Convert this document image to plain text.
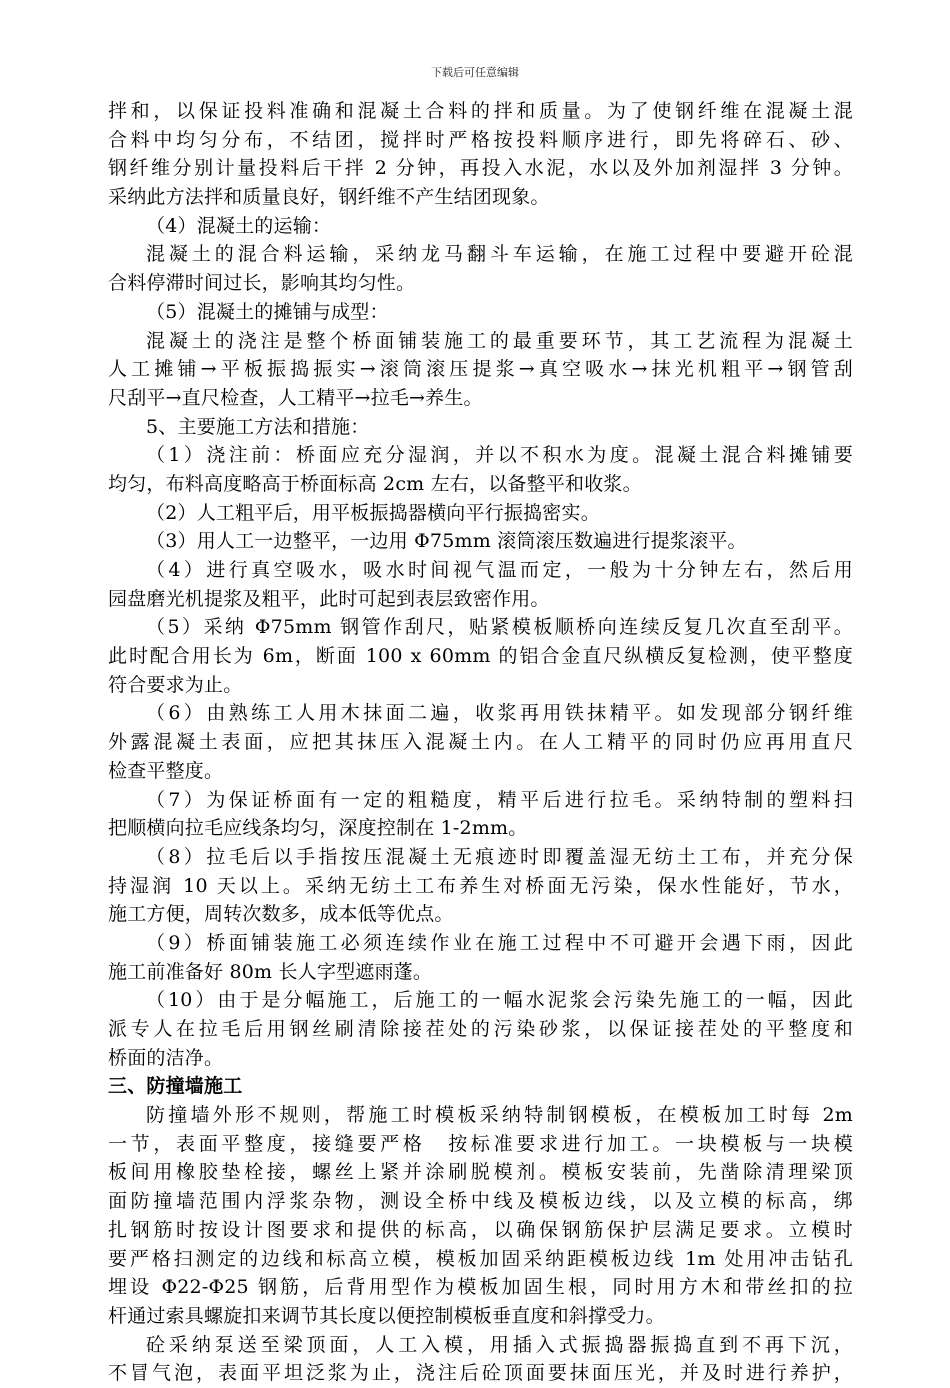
下载后可任意编辑
拌和，以保证投料准确和混凝土合料的拌和质量。为了使钢纤维在混凝土混
合料中均匀分布，不结团，搅拌时严格按投料顺序进行，即先将碎石、砂、
钢纤维分别计量投料后干拌 2 分钟，再投入水泥，水以及外加剂湿拌 3 分钟。
采纳此方法拌和质量良好，钢纤维不产生结团现象。
（4）混凝土的运输：
混凝土的混合料运输，采纳龙马翻斗车运输，在施工过程中要避开砼混
合料停滞时间过长，影响其均匀性。
（5）混凝土的摊铺与成型：
混凝土的浇注是整个桥面铺装施工的最重要环节，其工艺流程为混凝土
人工摊铺→平板振捣振实→滚筒滚压提浆→真空吸水→抹光机粗平→钢管刮
尺刮平→直尺检查，人工精平→拉毛→养生。
5、主要施工方法和措施：
（1）浇注前：桥面应充分湿润，并以不积水为度。混凝土混合料摊铺要
均匀，布料高度略高于桥面标高 2cm 左右，以备整平和收浆。
（2）人工粗平后，用平板振捣器横向平行振捣密实。
（3）用人工一边整平，一边用 Φ75mm 滚筒滚压数遍进行提浆滚平。
（4）进行真空吸水，吸水时间视气温而定，一般为十分钟左右，然后用
园盘磨光机提浆及粗平，此时可起到表层致密作用。
（5）采纳 Φ75mm 钢管作刮尺，贴紧模板顺桥向连续反复几次直至刮平。
此时配合用长为 6m，断面 100 x 60mm 的铝合金直尺纵横反复检测，使平整度
符合要求为止。
（6）由熟练工人用木抹面二遍，收浆再用铁抹精平。如发现部分钢纤维
外露混凝土表面，应把其抹压入混凝土内。在人工精平的同时仍应再用直尺
检查平整度。
（7）为保证桥面有一定的粗糙度，精平后进行拉毛。采纳特制的塑料扫
把顺横向拉毛应线条均匀，深度控制在 1-2mm。
（8）拉毛后以手指按压混凝土无痕迹时即覆盖湿无纺土工布，并充分保
持湿润 10 天以上。采纳无纺土工布养生对桥面无污染，保水性能好，节水，
施工方便，周转次数多，成本低等优点。
（9）桥面铺装施工必须连续作业在施工过程中不可避开会遇下雨，因此
施工前准备好 80m 长人字型遮雨蓬。
（10）由于是分幅施工，后施工的一幅水泥浆会污染先施工的一幅，因此
派专人在拉毛后用钢丝刷清除接茬处的污染砂浆，以保证接茬处的平整度和
桥面的洁净。
三、防撞墙施工
防撞墙外形不规则，帮施工时模板采纳特制钢模板，在模板加工时每 2m
一节，表面平整度，接缝要严格　按标准要求进行加工。一块模板与一块模
板间用橡胶垫栓接，螺丝上紧并涂刷脱模剂。模板安装前，先凿除清理梁顶
面防撞墙范围内浮浆杂物，测设全桥中线及模板边线，以及立模的标高，绑
扎钢筋时按设计图要求和提供的标高，以确保钢筋保护层满足要求。立模时
要严格扫测定的边线和标高立模，模板加固采纳距模板边线 1m 处用冲击钻孔
埋设 Φ22-Φ25 钢筋，后背用型作为模板加固生根，同时用方木和带丝扣的拉
杆通过索具螺旋扣来调节其长度以便控制模板垂直度和斜撑受力。
砼采纳泵送至梁顶面，人工入模，用插入式振捣器振捣直到不再下沉，
不冒气泡，表面平坦泛浆为止，浇注后砼顶面要抹面压光，并及时进行养护，
